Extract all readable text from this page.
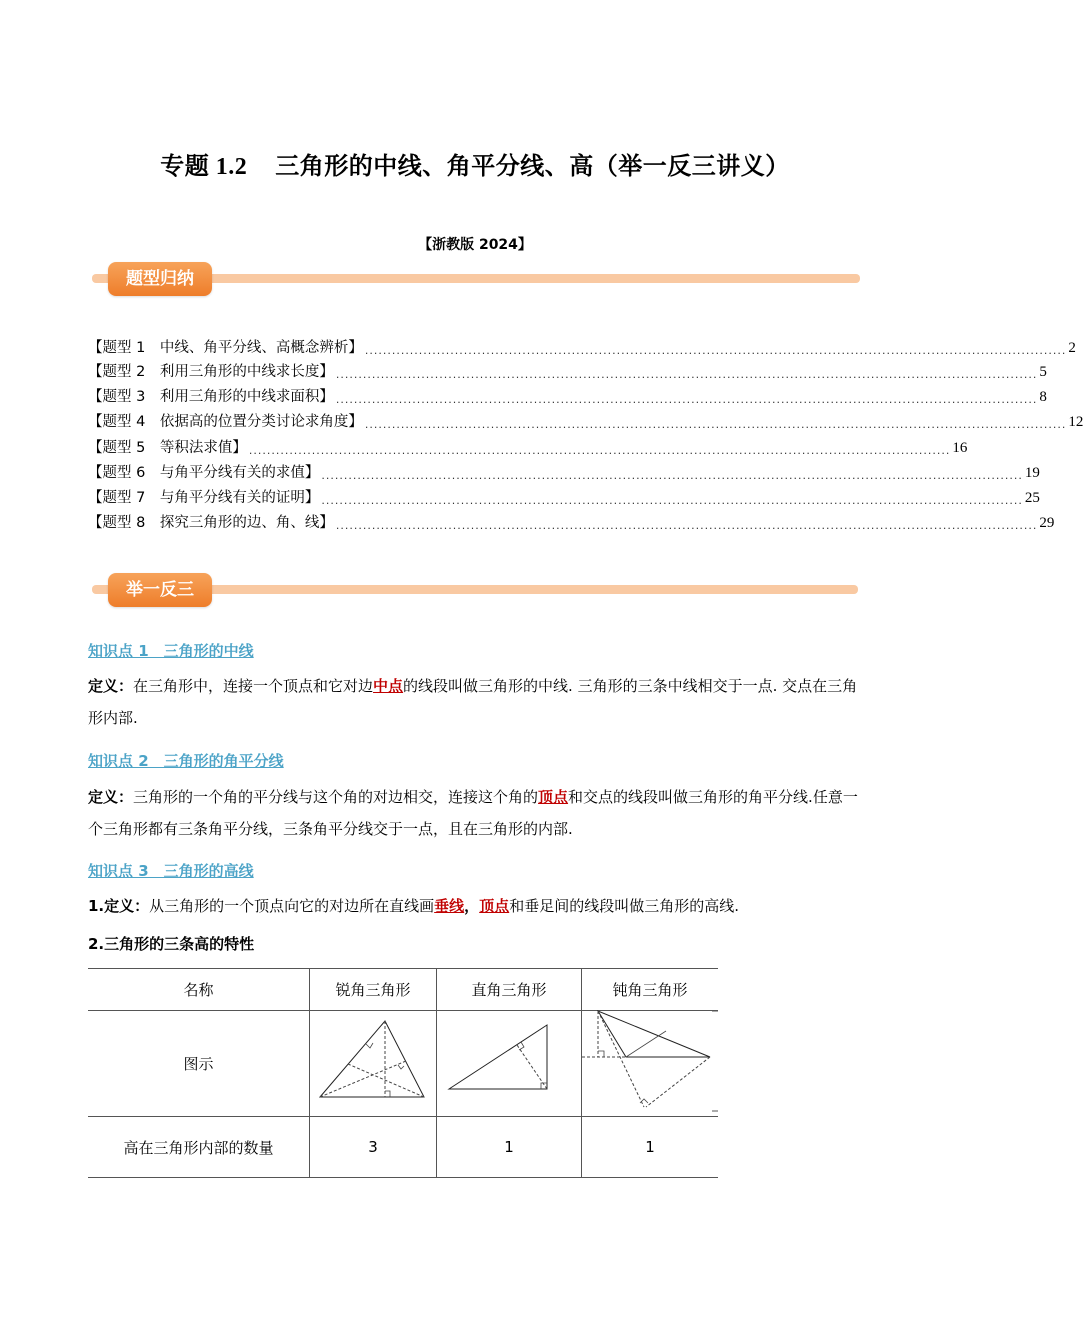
专题 1.2 三角形的中线、角平分线、高（举一反三讲义）
【浙教版 2024】
题型归纳
【题型 1　中线、角平分线、高概念辨析】 ............................................................................................................................................................ 2
【题型 2　利用三角形的中线求长度】 ............................................................................................................................................................ 5
【题型 3　利用三角形的中线求面积】 ............................................................................................................................................................ 8
【题型 4　依据高的位置分类讨论求角度】 ............................................................................................................................................................ 12
【题型 5　等积法求值】 ............................................................................................................................................................ 16
【题型 6　与角平分线有关的求值】 ............................................................................................................................................................ 19
【题型 7　与角平分线有关的证明】 ............................................................................................................................................................ 25
【题型 8　探究三角形的边、角、线】 ............................................................................................................................................................ 29
举一反三
知识点 1　三角形的中线
定义：在三角形中，连接一个顶点和它对边中点的线段叫做三角形的中线. 三角形的三条中线相交于一点. 交点在三角形内部.
知识点 2　三角形的角平分线
定义：三角形的一个角的平分线与这个角的对边相交，连接这个角的顶点和交点的线段叫做三角形的角平分线.任意一个三角形都有三条角平分线，三条角平分线交于一点，且在三角形的内部.
知识点 3　三角形的高线
1.定义：从三角形的一个顶点向它的对边所在直线画垂线，顶点和垂足间的线段叫做三角形的高线.
2.三角形的三条高的特性
名称	锐角三角形	直角三角形	钝角三角形
图示			
高在三角形内部的数量	3	1	1
